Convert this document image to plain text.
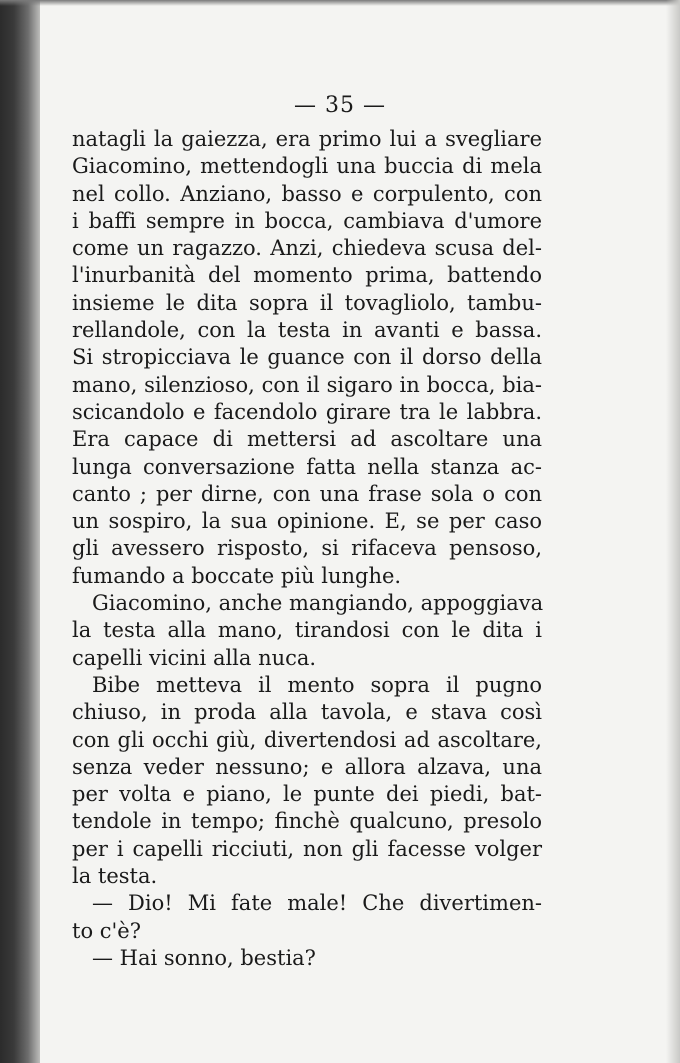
— 35 —
natagli la gaiezza, era primo lui a svegliare
Giacomino, mettendogli una buccia di mela
nel collo. Anziano, basso e corpulento, con
i baffi sempre in bocca, cambiava d'umore
come un ragazzo. Anzi, chiedeva scusa del-
l'inurbanità del momento prima, battendo
insieme le dita sopra il tovagliolo, tambu-
rellandole, con la testa in avanti e bassa.
Si stropicciava le guance con il dorso della
mano, silenzioso, con il sigaro in bocca, bia-
scicandolo e facendolo girare tra le labbra.
Era capace di mettersi ad ascoltare una
lunga conversazione fatta nella stanza ac-
canto ; per dirne, con una frase sola o con
un sospiro, la sua opinione. E, se per caso
gli avessero risposto, si rifaceva pensoso,
fumando a boccate più lunghe.
Giacomino, anche mangiando, appoggiava
la testa alla mano, tirandosi con le dita i
capelli vicini alla nuca.
Bibe metteva il mento sopra il pugno
chiuso, in proda alla tavola, e stava così
con gli occhi giù, divertendosi ad ascoltare,
senza veder nessuno; e allora alzava, una
per volta e piano, le punte dei piedi, bat-
tendole in tempo; finchè qualcuno, presolo
per i capelli ricciuti, non gli facesse volger
la testa.
— Dio! Mi fate male! Che divertimen-
to c'è?
— Hai sonno, bestia?
